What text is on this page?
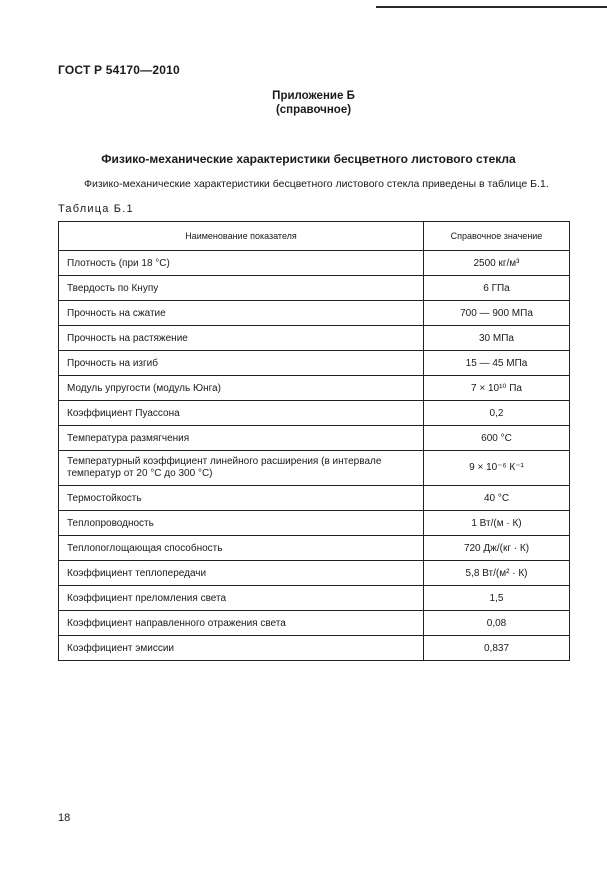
ГОСТ Р 54170—2010
Приложение Б
(справочное)
Физико-механические характеристики бесцветного листового стекла
Физико-механические характеристики бесцветного листового стекла приведены в таблице Б.1.
Таблица Б.1
Наименование показателя	Справочное значение
Плотность (при 18 °С)	2500 кг/м³
Твердость по Кнупу	6 ГПа
Прочность на сжатие	700 — 900 МПа
Прочность на растяжение	30 МПа
Прочность на изгиб	15 — 45 МПа
Модуль упругости (модуль Юнга)	7 × 10¹⁰ Па
Коэффициент Пуассона	0,2
Температура размягчения	600 °С
Температурный коэффициент линейного расширения (в интервале температур от 20 °С до 300 °С)	9 × 10⁻⁶ К⁻¹
Термостойкость	40 °С
Теплопроводность	1 Вт/(м · К)
Теплопоглощающая способность	720 Дж/(кг · К)
Коэффициент теплопередачи	5,8 Вт/(м² · К)
Коэффициент преломления света	1,5
Коэффициент направленного отражения света	0,08
Коэффициент эмиссии	0,837
18
